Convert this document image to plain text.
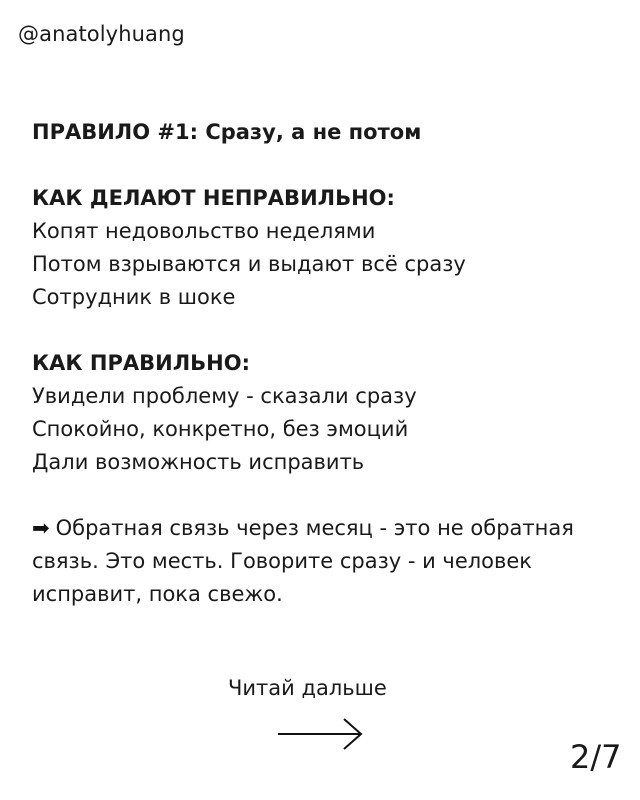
@anatolyhuang

ПРАВИЛО #1: Сразу, а не потом

КАК ДЕЛАЮТ НЕПРАВИЛЬНО:

Копят недовольство неделями

Потом взрываются и выдают всё сразу

Сотрудник в шоке

КАК ПРАВИЛЬНО:

Увидели проблему - сказали сразу

Спокойно, конкретно, без эмоций

Дали возможность исправить

➡ Обратная связь через месяц - это не обратная связь. Это месть. Говорите сразу - и человек исправит, пока свежо.

Читай дальше
2/7
